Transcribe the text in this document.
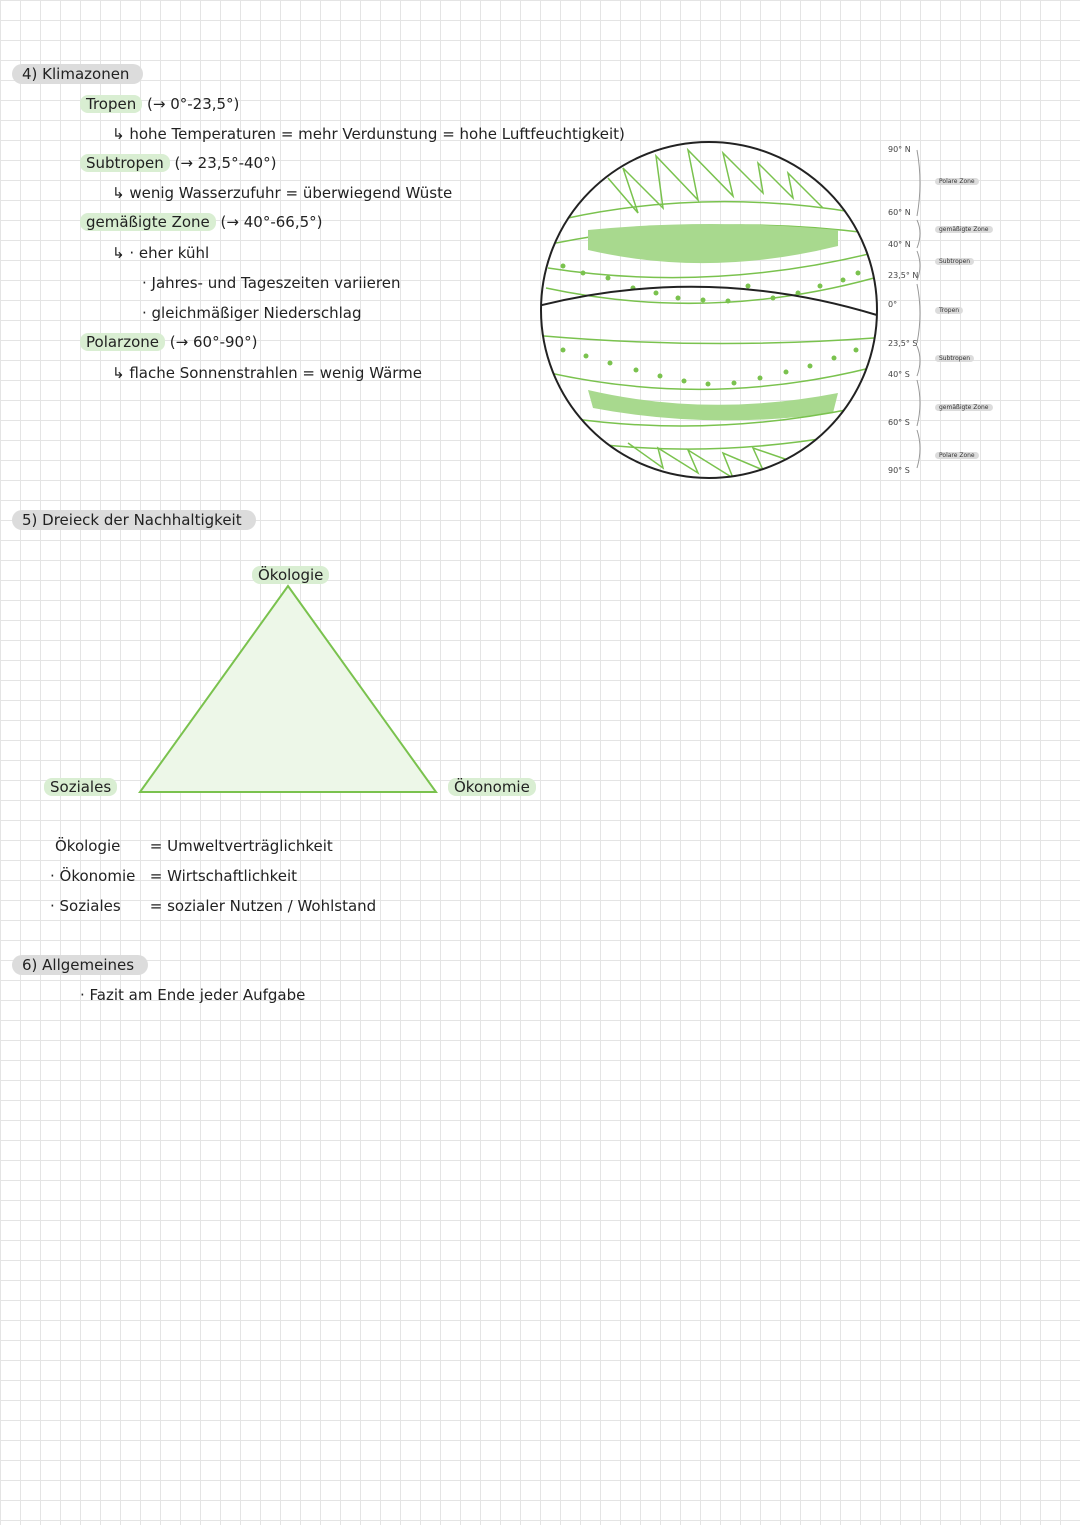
4) Klimazonen
Tropen (→ 0°-23,5°)
↳ hohe Temperaturen = mehr Verdunstung = hohe Luftfeuchtigkeit)
Subtropen (→ 23,5°-40°)
↳ wenig Wasserzufuhr = überwiegend Wüste
gemäßigte Zone (→ 40°-66,5°)
↳ · eher kühl
· Jahres- und Tageszeiten variieren
· gleichmäßiger Niederschlag
Polarzone (→ 60°-90°)
↳ flache Sonnenstrahlen = wenig Wärme
90° N
60° N
40° N
23,5° N
0°
23,5° S
40° S
60° S
90° S
Polare Zone
gemäßigte Zone
Subtropen
Tropen
Subtropen
gemäßigte Zone
Polare Zone
5) Dreieck der Nachhaltigkeit
Ökologie
Soziales	Ökonomie
Ökologie = Umweltverträglichkeit
· Ökonomie = Wirtschaftlichkeit
· Soziales = sozialer Nutzen / Wohlstand
6) Allgemeines
· Fazit am Ende jeder Aufgabe
